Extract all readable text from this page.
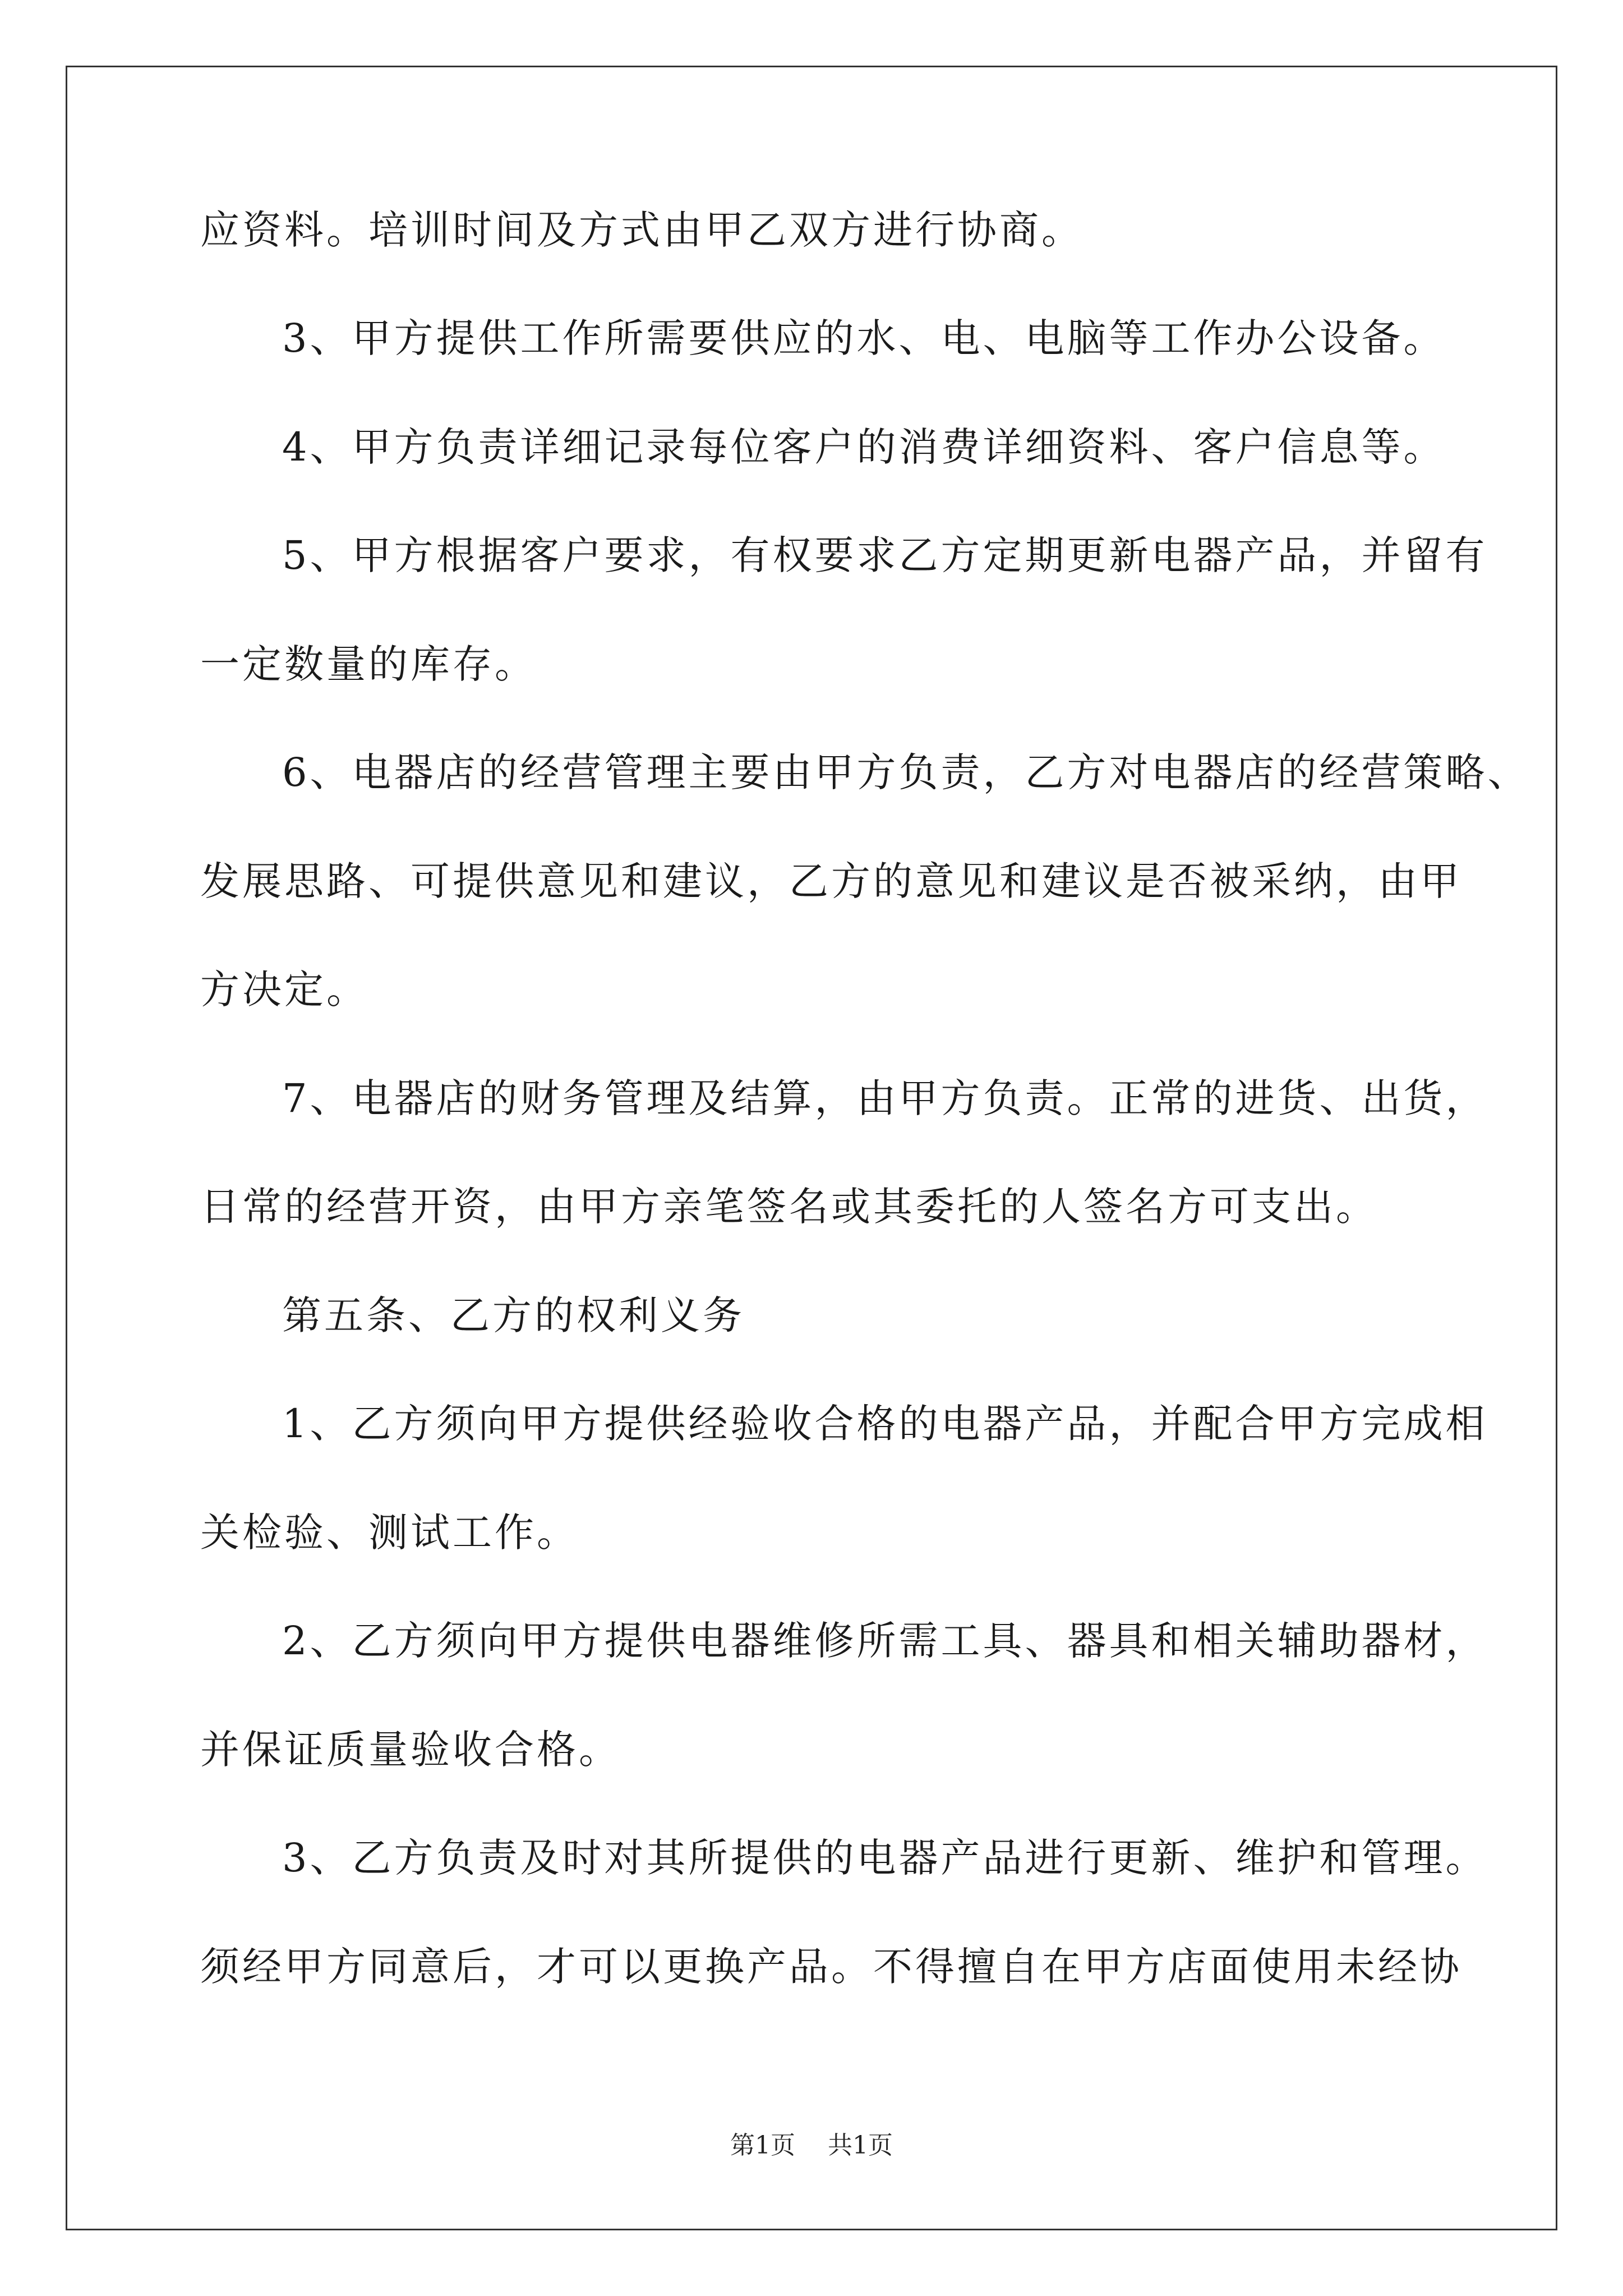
应资料。培训时间及方式由甲乙双方进行协商。
3、甲方提供工作所需要供应的水、电、电脑等工作办公设备。
4、甲方负责详细记录每位客户的消费详细资料、客户信息等。
5、甲方根据客户要求，有权要求乙方定期更新电器产品，并留有
一定数量的库存。
6、电器店的经营管理主要由甲方负责，乙方对电器店的经营策略、
发展思路、可提供意见和建议，乙方的意见和建议是否被采纳，由甲
方决定。
7、电器店的财务管理及结算，由甲方负责。正常的进货、出货，
日常的经营开资，由甲方亲笔签名或其委托的人签名方可支出。
第五条、乙方的权利义务
1、乙方须向甲方提供经验收合格的电器产品，并配合甲方完成相
关检验、测试工作。
2、乙方须向甲方提供电器维修所需工具、器具和相关辅助器材，
并保证质量验收合格。
3、乙方负责及时对其所提供的电器产品进行更新、维护和管理。
须经甲方同意后，才可以更换产品。不得擅自在甲方店面使用未经协
第1页 共1页
